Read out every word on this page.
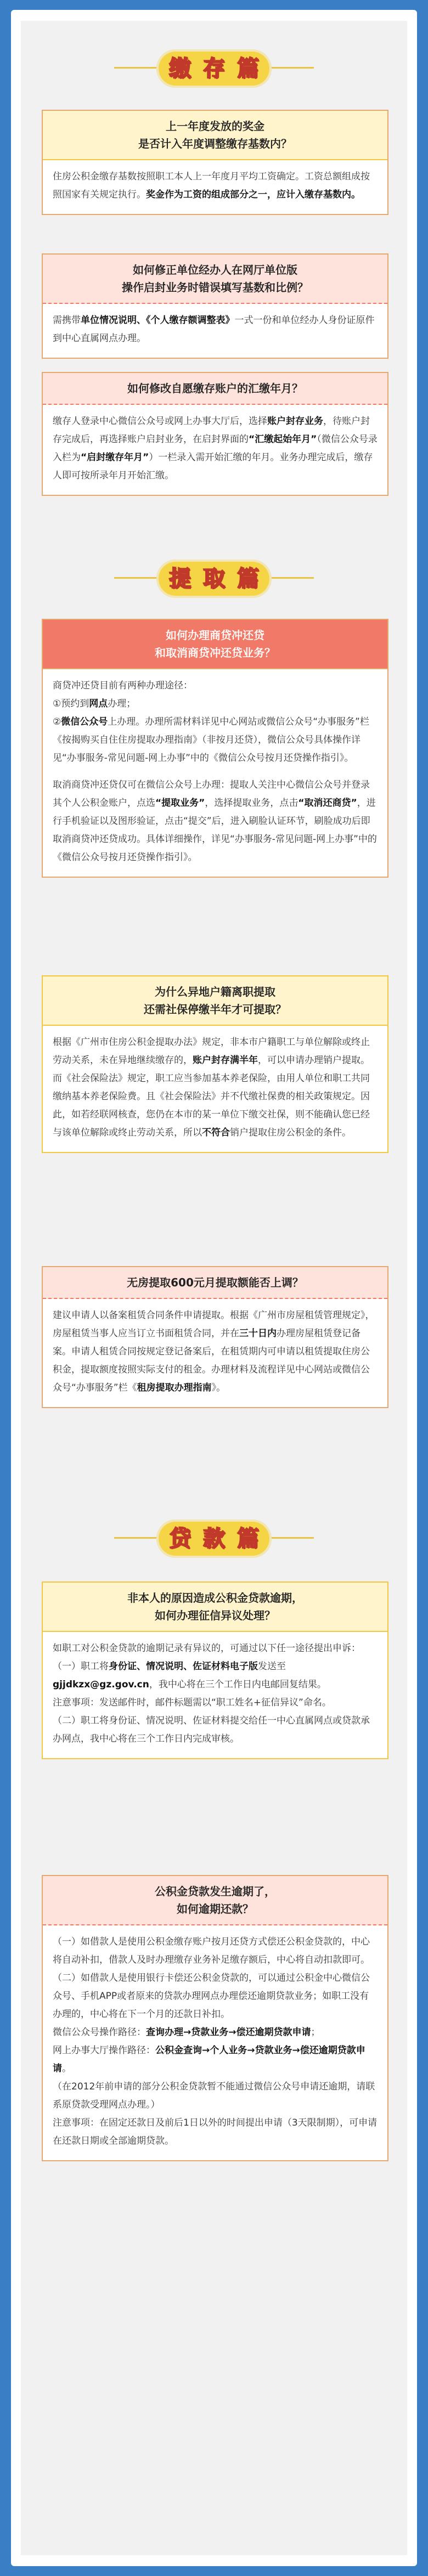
缴 存 篇
上一年度发放的奖金
是否计入年度调整缴存基数内？

住房公积金缴存基数按照职工本人上一年度月平均工资确定。工资总额组成按照国家有关规定执行。奖金作为工资的组成部分之一，应计入缴存基数内。

如何修正单位经办人在网厅单位版
操作启封业务时错误填写基数和比例？

需携带单位情况说明、《个人缴存额调整表》一式一份和单位经办人身份证原件到中心直属网点办理。

如何修改自愿缴存账户的汇缴年月？

缴存人登录中心微信公众号或网上办事大厅后，选择账户封存业务，待账户封存完成后，再选择账户启封业务，在启封界面的“汇缴起始年月”（微信公众号录入栏为“启封缴存年月”）一栏录入需开始汇缴的年月。业务办理完成后，缴存人即可按所录年月开始汇缴。

提 取 篇
如何办理商贷冲还贷
和取消商贷冲还贷业务？

商贷冲还贷目前有两种办理途径：

①预约到网点办理；

②微信公众号上办理。办理所需材料详见中心网站或微信公众号“办事服务”栏《按揭购买自住住房提取办理指南》（非按月还贷），微信公众号具体操作详见“办事服务-常见问题-网上办事”中的《微信公众号按月还贷操作指引》。

取消商贷冲还贷仅可在微信公众号上办理：提取人关注中心微信公众号并登录其个人公积金账户，点选“提取业务”，选择提取业务，点击“取消还商贷”，进行手机验证以及图形验证，点击“提交”后，进入刷脸认证环节，刷脸成功后即取消商贷冲还贷成功。具体详细操作，详见“办事服务-常见问题-网上办事”中的《微信公众号按月还贷操作指引》。

为什么异地户籍离职提取
还需社保停缴半年才可提取？

根据《广州市住房公积金提取办法》规定，非本市户籍职工与单位解除或终止劳动关系，未在异地继续缴存的，账户封存满半年，可以申请办理销户提取。而《社会保险法》规定，职工应当参加基本养老保险，由用人单位和职工共同缴纳基本养老保险费。且《社会保险法》并不代缴社保费的相关政策规定。因此，如若经联网核查，您仍在本市的某一单位下缴交社保，则不能确认您已经与该单位解除或终止劳动关系，所以不符合销户提取住房公积金的条件。

无房提取600元月提取额能否上调？

建议申请人以备案租赁合同条件申请提取。根据《广州市房屋租赁管理规定》，房屋租赁当事人应当订立书面租赁合同，并在三十日内办理房屋租赁登记备案。申请人租赁合同按规定登记备案后，在租赁期内可申请以租赁提取住房公积金，提取额度按照实际支付的租金。办理材料及流程详见中心网站或微信公众号“办事服务”栏《租房提取办理指南》。

贷 款 篇
非本人的原因造成公积金贷款逾期，
如何办理征信异议处理？

如职工对公积金贷款的逾期记录有异议的，可通过以下任一途径提出申诉：

（一）职工将身份证、情况说明、佐证材料电子版发送至gjjdkzx@gz.gov.cn，我中心将在三个工作日内电邮回复结果。

注意事项：发送邮件时，邮件标题需以“职工姓名+征信异议”命名。

（二）职工将身份证、情况说明、佐证材料提交给任一中心直属网点或贷款承办网点，我中心将在三个工作日内完成审核。

公积金贷款发生逾期了，
如何逾期还款？

（一）如借款人是使用公积金缴存账户按月还贷方式偿还公积金贷款的，中心将自动补扣，借款人及时办理缴存业务补足缴存额后，中心将自动扣款即可。

（二）如借款人是使用银行卡偿还公积金贷款的，可以通过公积金中心微信公众号、手机APP或者原来的贷款办理网点办理偿还逾期贷款业务；如职工没有办理的，中心将在下一个月的还款日补扣。

微信公众号操作路径：查询办理→贷款业务→偿还逾期贷款申请；

网上办事大厅操作路径：公积金查询→个人业务→贷款业务→偿还逾期贷款申请。

（在2012年前申请的部分公积金贷款暂不能通过微信公众号申请还逾期，请联系原贷款受理网点办理。）

注意事项：在固定还款日及前后1日以外的时间提出申请（3天限制期），可申请在还款日期或全部逾期贷款。
